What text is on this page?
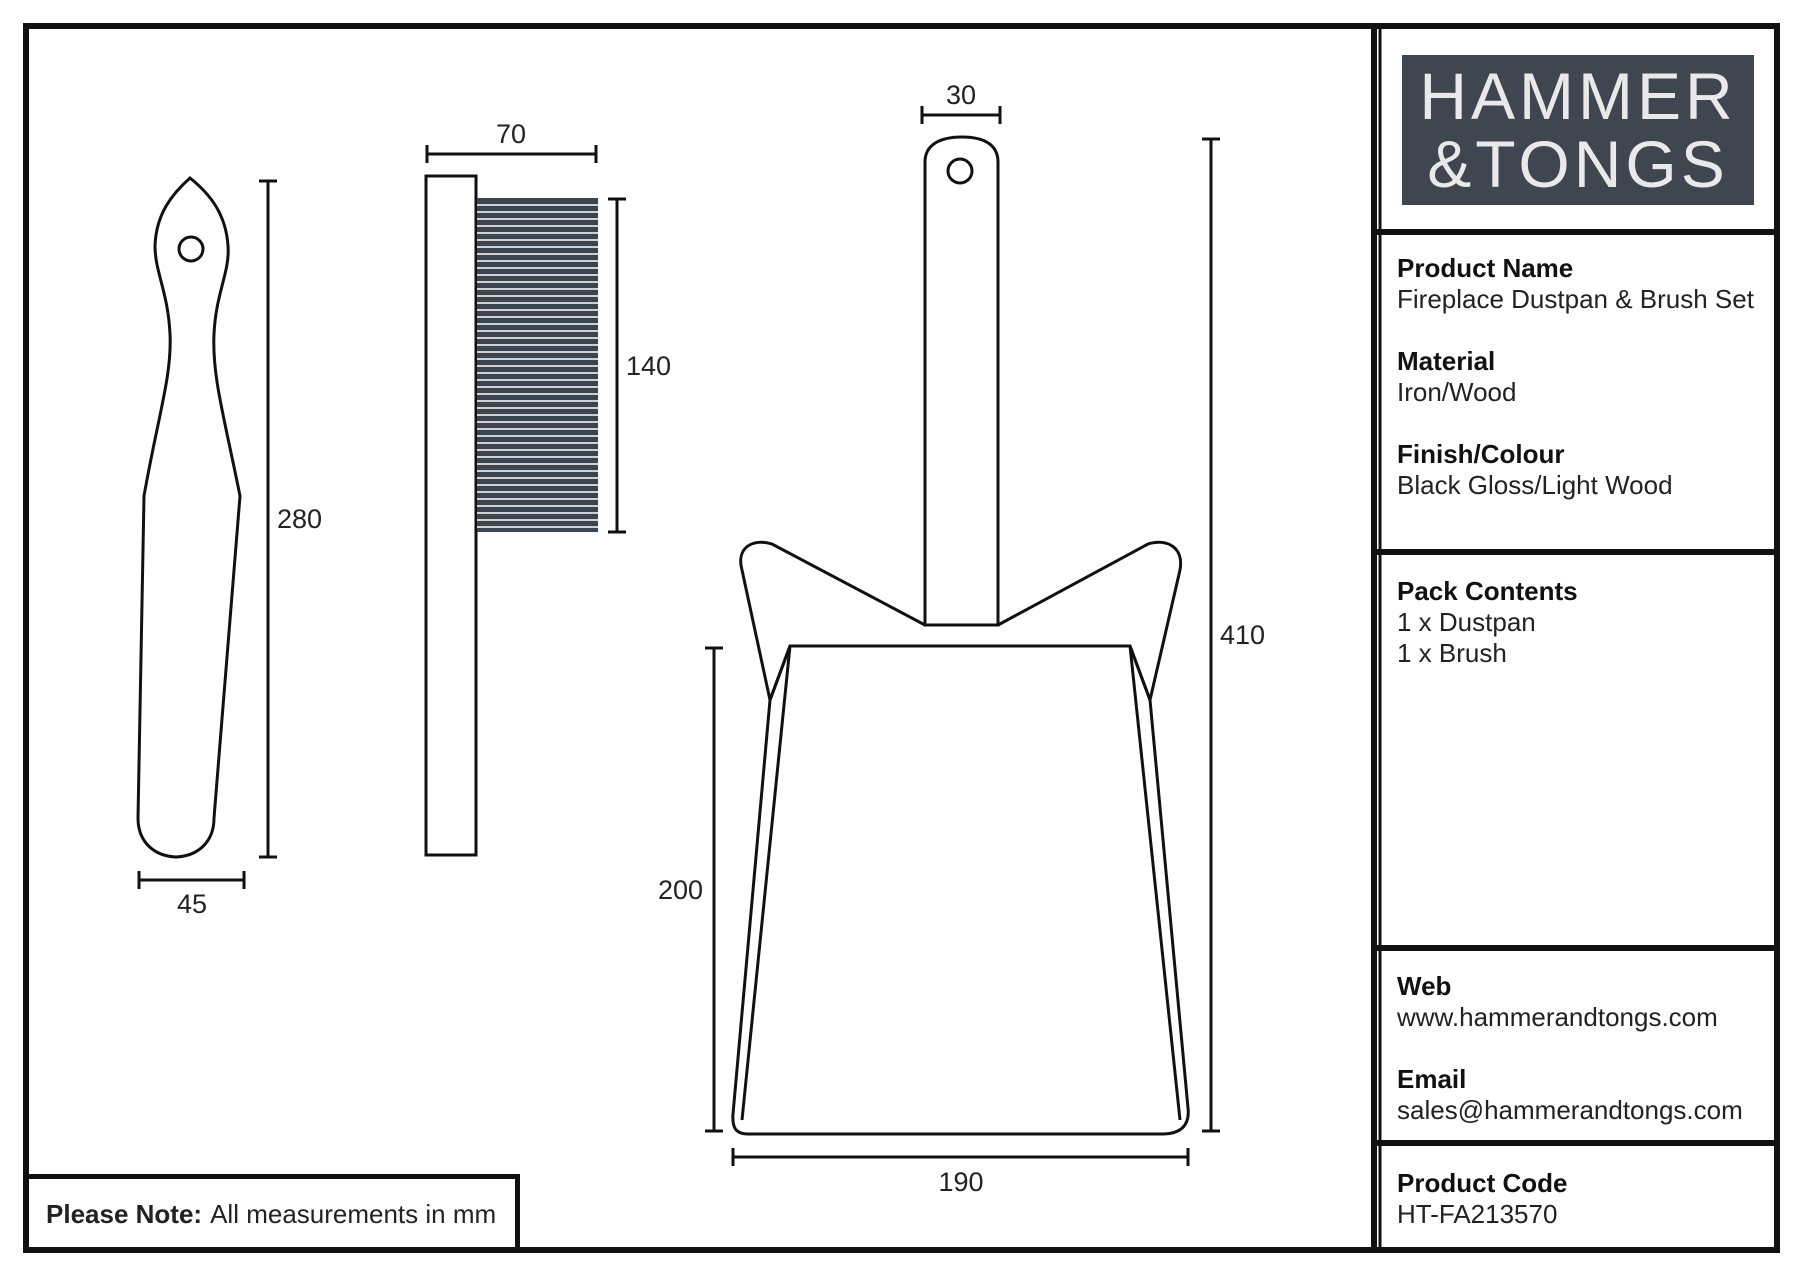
45
280
70
140
30
410
200
190
Please Note: All measurements in mm
HAMMER
&TONGS
Product Name
Fireplace Dustpan & Brush Set
Material
Iron/Wood
Finish/Colour
Black Gloss/Light Wood
Pack Contents
1 x Dustpan
1 x Brush
Web
www.hammerandtongs.com
Email
sales@hammerandtongs.com
Product Code
HT-FA213570
